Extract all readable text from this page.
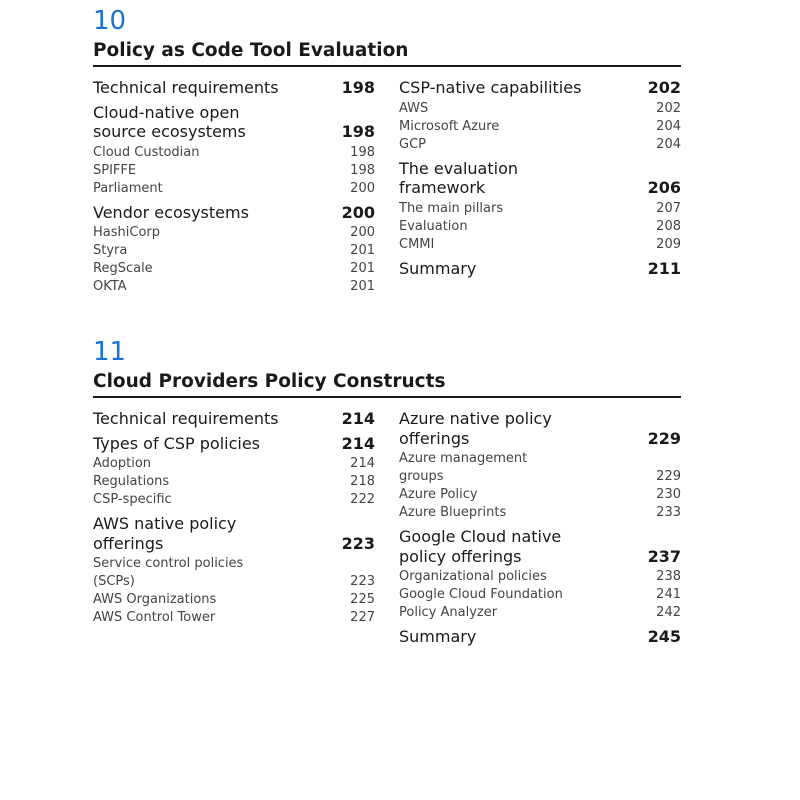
10
Policy as Code Tool Evaluation
Technical requirements	198
Cloud-native open
source ecosystems	198
Cloud Custodian	198
SPIFFE	198
Parliament	200
Vendor ecosystems	200
HashiCorp	200
Styra	201
RegScale	201
OKTA	201
CSP-native capabilities	202
AWS	202
Microsoft Azure	204
GCP	204
The evaluation
framework	206
The main pillars	207
Evaluation	208
CMMI	209
Summary	211
11
Cloud Providers Policy Constructs
Technical requirements	214
Types of CSP policies	214
Adoption	214
Regulations	218
CSP-specific	222
AWS native policy
offerings	223
Service control policies
(SCPs)	223
AWS Organizations	225
AWS Control Tower	227
Azure native policy
offerings	229
Azure management
groups	229
Azure Policy	230
Azure Blueprints	233
Google Cloud native
policy offerings	237
Organizational policies	238
Google Cloud Foundation	241
Policy Analyzer	242
Summary	245
